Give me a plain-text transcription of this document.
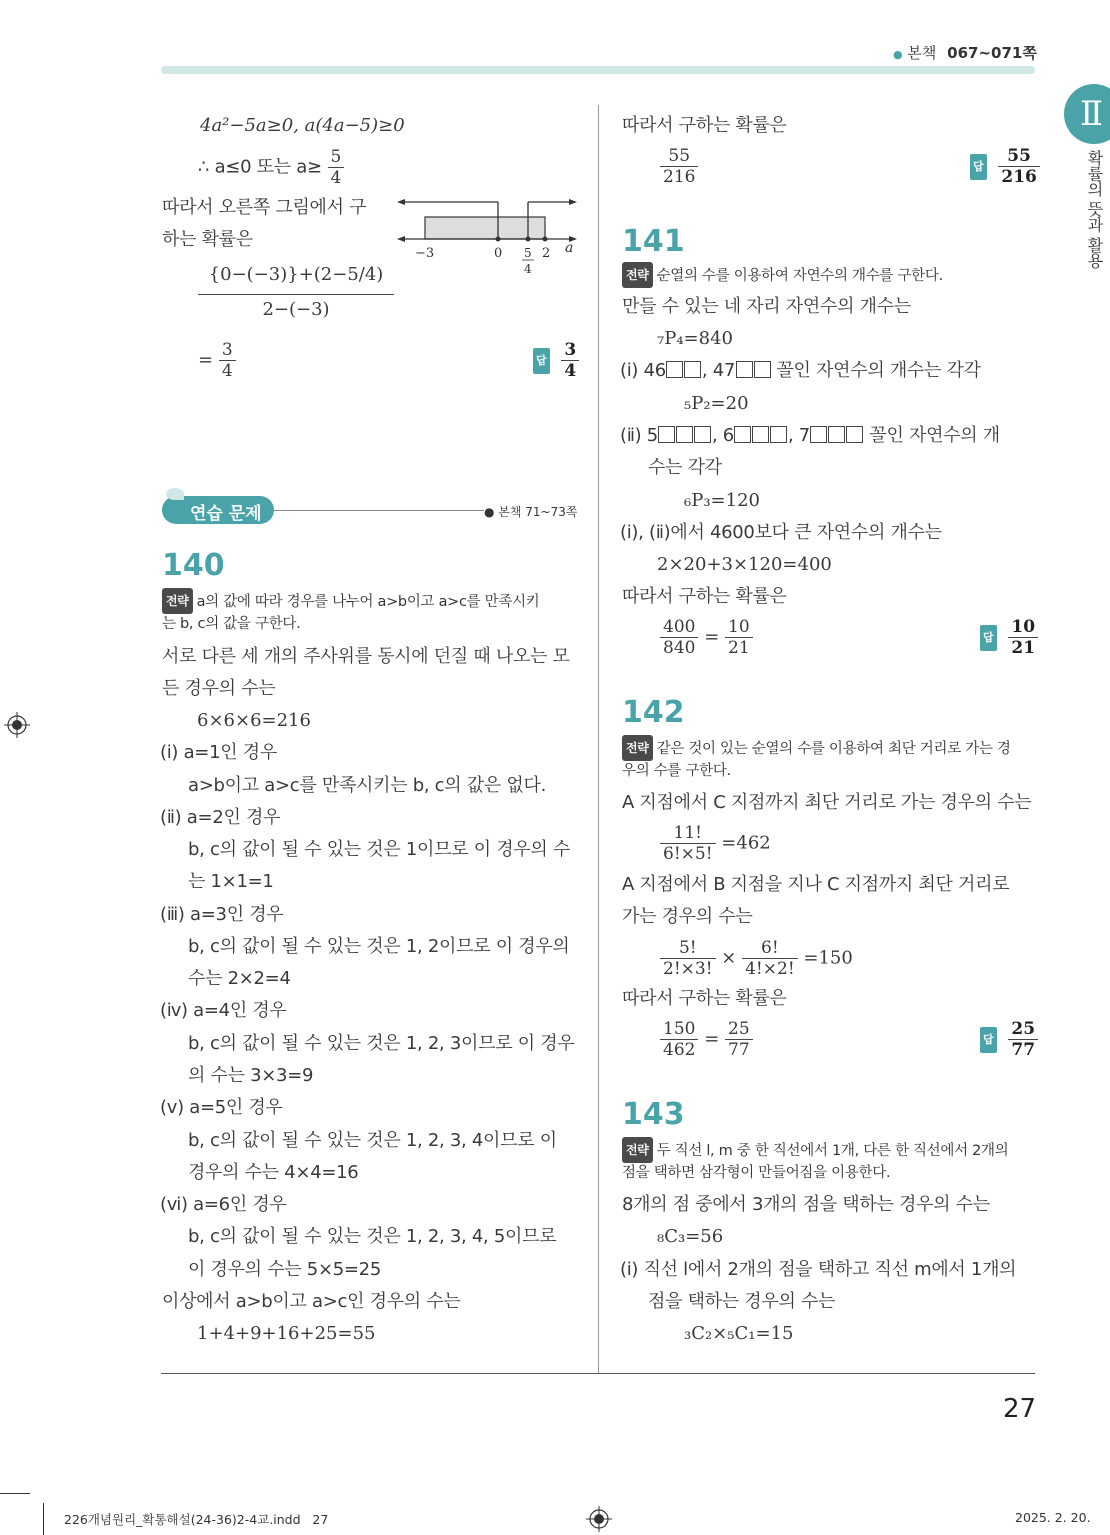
● 본책 067~071쪽
Ⅱ
확률의 뜻과 활용
4a²−5a≥0, a(4a−5)≥0
∴ a≤0 또는 $a\ge \frac{5}{4}$
따라서 오른쪽 그림에서 구
하는 확률은
−3	0 5
4
2 a
{0−(−3)}+(2−5/4)
2−(−3)
= $\frac{3}{4}$	답 $\frac{3}{4}$
연습 문제	● 본책 71~73쪽
140
전략 a의 값에 따라 경우를 나누어 a>b이고 a>c를 만족시키
는 b, c의 값을 구한다.
서로 다른 세 개의 주사위를 동시에 던질 때 나오는 모
든 경우의 수는
6×6×6=216
(ⅰ) a=1인 경우
a>b이고 a>c를 만족시키는 b, c의 값은 없다.
(ⅱ) a=2인 경우
b, c의 값이 될 수 있는 것은 1이므로 이 경우의 수
는 1×1=1
(ⅲ) a=3인 경우
b, c의 값이 될 수 있는 것은 1, 2이므로 이 경우의
수는 2×2=4
(ⅳ) a=4인 경우
b, c의 값이 될 수 있는 것은 1, 2, 3이므로 이 경우
의 수는 3×3=9
(ⅴ) a=5인 경우
b, c의 값이 될 수 있는 것은 1, 2, 3, 4이므로 이
경우의 수는 4×4=16
(ⅵ) a=6인 경우
b, c의 값이 될 수 있는 것은 1, 2, 3, 4, 5이므로
이 경우의 수는 5×5=25
이상에서 a>b이고 a>c인 경우의 수는
1+4+9+16+25=55
따라서 구하는 확률은
$\frac{55}{216}$	답 $\frac{55}{216}$
141
전략 순열의 수를 이용하여 자연수의 개수를 구한다.
만들 수 있는 네 자리 자연수의 개수는
₇P₄=840
(ⅰ) 46 , 47 꼴인 자연수의 개수는 각각
₅P₂=20
(ⅱ) 5	, 6	, 7	꼴인 자연수의 개
수는 각각
₆P₃=120
(ⅰ), (ⅱ)에서 4600보다 큰 자연수의 개수는
2×20+3×120=400
따라서 구하는 확률은
$\frac{400}{840} = \frac{10}{21}$	답 $\frac{10}{21}$
142
전략 같은 것이 있는 순열의 수를 이용하여 최단 거리로 가는 경
우의 수를 구한다.
A 지점에서 C 지점까지 최단 거리로 가는 경우의 수는
$\frac{11!}{6!\times 5!} =462$
A 지점에서 B 지점을 지나 C 지점까지 최단 거리로
가는 경우의 수는
$\frac{5!}{2!\times 3!} \times \frac{6!}{4!\times 2!} =150$
따라서 구하는 확률은
$\frac{150}{462} = \frac{25}{77}$	답 $\frac{25}{77}$
143
전략 두 직선 l, m 중 한 직선에서 1개, 다른 한 직선에서 2개의
점을 택하면 삼각형이 만들어짐을 이용한다.
8개의 점 중에서 3개의 점을 택하는 경우의 수는
₈C₃=56
(ⅰ) 직선 l에서 2개의 점을 택하고 직선 m에서 1개의
점을 택하는 경우의 수는
₃C₂×₅C₁=15
27
226개념원리_확통해설(24-36)2-4교.indd   27	2025. 2. 20.
